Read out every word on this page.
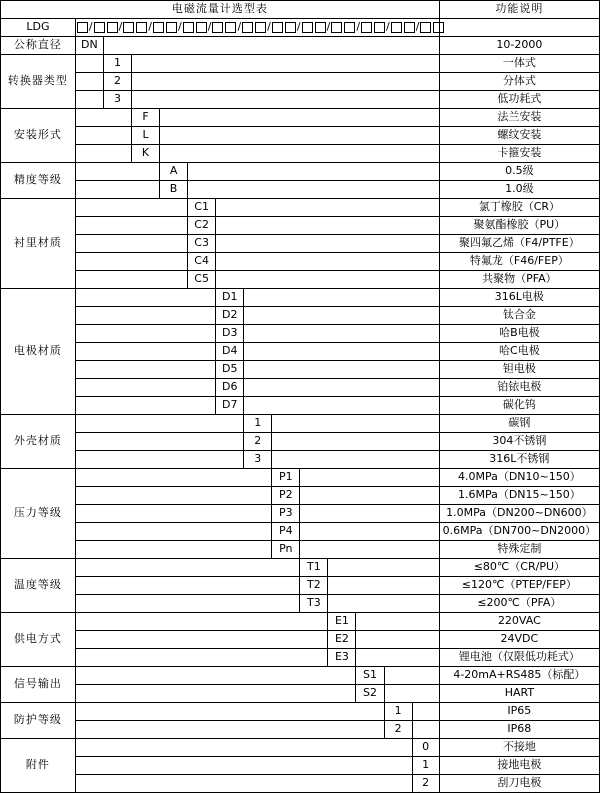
电磁流量计选型表														功能说明
LDG	/ / / / / / / / / / / /													
公称直径	DN													10-2000
转换器类型		1												一体式
		2												分体式
		3												低功耗式
安装形式			F											法兰安装
			L											螺纹安装
			K											卡箍安装
精度等级				A										0.5级
				B										1.0级
衬里材质					C1									氯丁橡胶（CR）
					C2									聚氨酯橡胶（PU）
					C3									聚四氟乙烯（F4/PTFE）
					C4									特氟龙（F46/FEP）
					C5									共聚物（PFA）
电极材质						D1								316L电极
						D2								钛合金
						D3								哈B电极
						D4								哈C电极
						D5								钽电极
						D6								铂铱电极
						D7								碳化钨
外壳材质							1							碳钢
							2							304不锈钢
							3							316L不锈钢
压力等级								P1						4.0MPa（DN10~150）
								P2						1.6MPa（DN15~150）
								P3						1.0MPa（DN200~DN600）
								P4						0.6MPa（DN700~DN2000）
								Pn						特殊定制
温度等级									T1					≤80℃（CR/PU）
									T2					≤120℃（PTEP/FEP）
									T3					≤200℃（PFA）
供电方式										E1				220VAC
										E2				24VDC
										E3				锂电池（仅限低功耗式）
信号输出											S1			4-20mA+RS485（标配）
											S2			HART
防护等级												1		IP65
												2		IP68
附件													0	不接地
													1	接地电极
													2	刮刀电极
